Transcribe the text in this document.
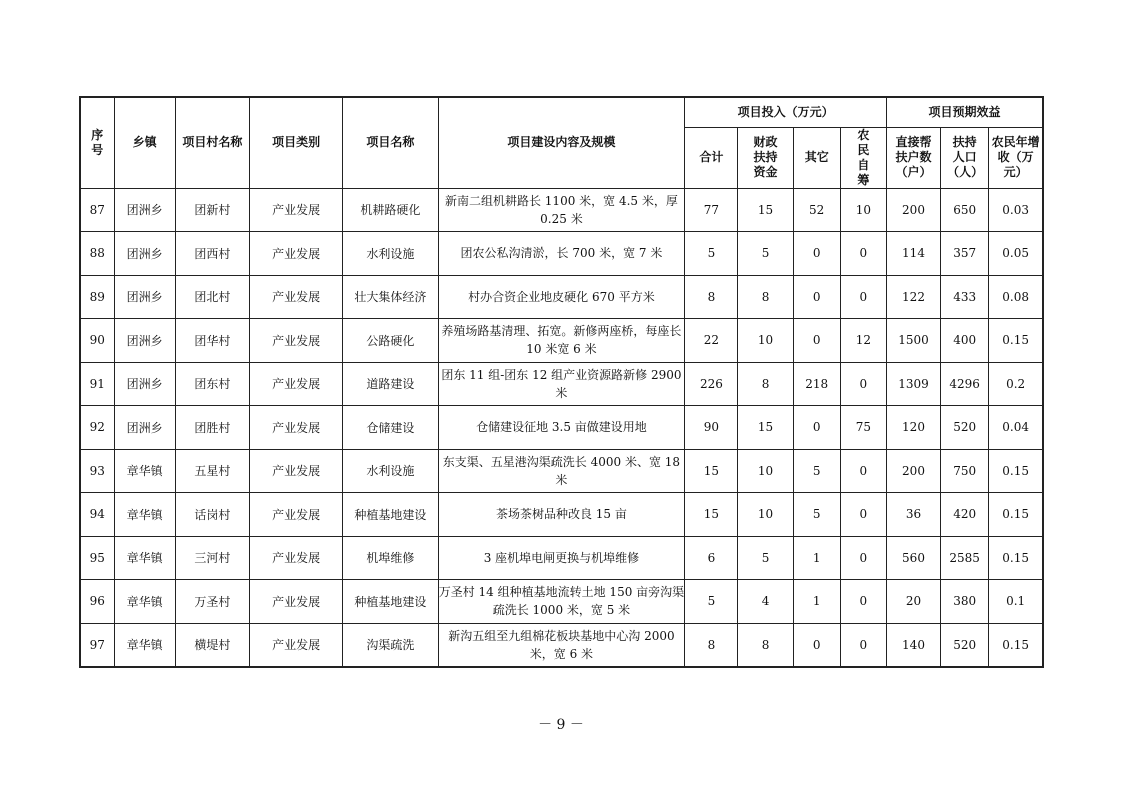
序号	乡镇	项目村名称	项目类别	项目名称	项目建设内容及规模	项目投入（万元）				项目预期效益		
						合计	财政扶持资金	其它	农民自筹	直接帮扶户数（户）	扶持人口（人）	农民年增收（万元）
87	团洲乡	团新村	产业发展	机耕路硬化	新南二组机耕路长 1100 米，宽 4.5 米，厚 0.25 米	77	15	52	10	200	650	0.03
88	团洲乡	团西村	产业发展	水利设施	团农公私沟清淤，长 700 米，宽 7 米	5	5	0	0	114	357	0.05
89	团洲乡	团北村	产业发展	壮大集体经济	村办合资企业地皮硬化 670 平方米	8	8	0	0	122	433	0.08
90	团洲乡	团华村	产业发展	公路硬化	养殖场路基清理、拓宽。新修两座桥，每座长 10 米宽 6 米	22	10	0	12	1500	400	0.15
91	团洲乡	团东村	产业发展	道路建设	团东 11 组-团东 12 组产业资源路新修 2900 米	226	8	218	0	1309	4296	0.2
92	团洲乡	团胜村	产业发展	仓储建设	仓储建设征地 3.5 亩做建设用地	90	15	0	75	120	520	0.04
93	章华镇	五星村	产业发展	水利设施	东支渠、五星港沟渠疏洗长 4000 米、宽 18 米	15	10	5	0	200	750	0.15
94	章华镇	话岗村	产业发展	种植基地建设	茶场茶树品种改良 15 亩	15	10	5	0	36	420	0.15
95	章华镇	三河村	产业发展	机埠维修	3 座机埠电闸更换与机埠维修	6	5	1	0	560	2585	0.15
96	章华镇	万圣村	产业发展	种植基地建设	万圣村 14 组种植基地流转土地 150 亩旁沟渠疏洗长 1000 米，宽 5 米	5	4	1	0	20	380	0.1
97	章华镇	横堤村	产业发展	沟渠疏洗	新沟五组至九组棉花板块基地中心沟 2000 米，宽 6 米	8	8	0	0	140	520	0.15
－ 9 －
